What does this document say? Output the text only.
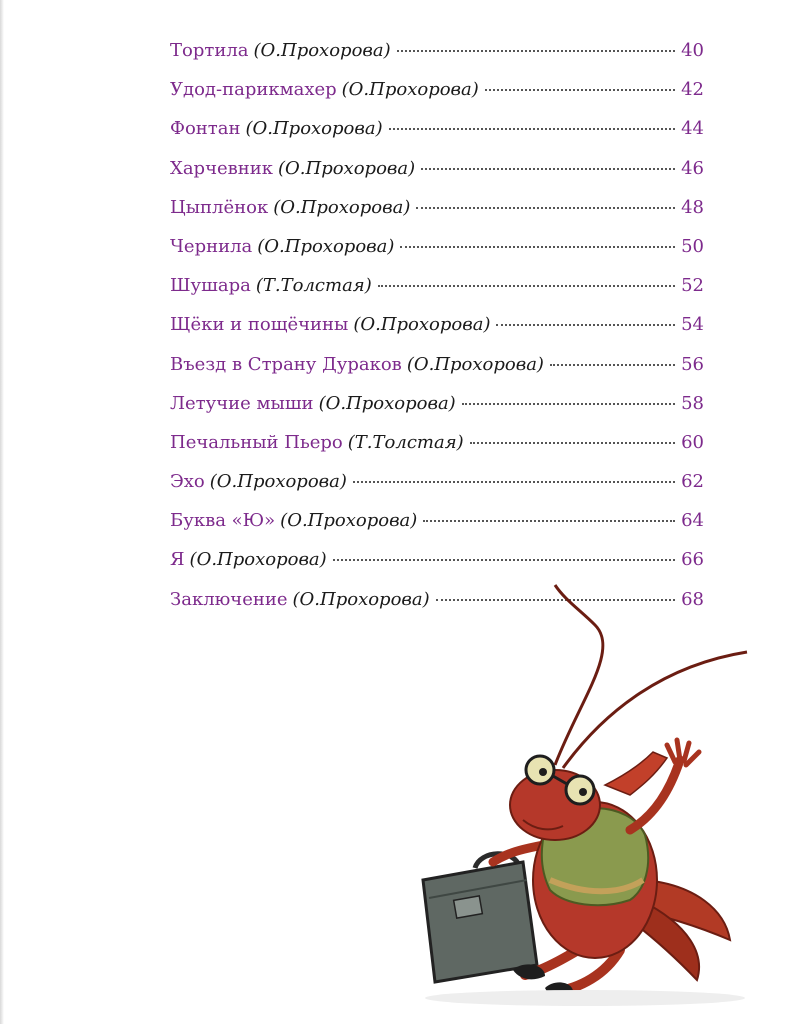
Тортила (О.Прохорова)	40
Удод-парикмахер (О.Прохорова)	42
Фонтан (О.Прохорова)	44
Харчевник (О.Прохорова)	46
Цыплёнок (О.Прохорова)	48
Чернила (О.Прохорова)	50
Шушара (Т.Толстая)	52
Щёки и пощёчины (О.Прохорова)	54
Въезд в Страну Дураков (О.Прохорова)	56
Летучие мыши (О.Прохорова)	58
Печальный Пьеро (Т.Толстая)	60
Эхо (О.Прохорова)	62
Буква «Ю» (О.Прохорова)	64
Я (О.Прохорова)	66
Заключение (О.Прохорова)	68
